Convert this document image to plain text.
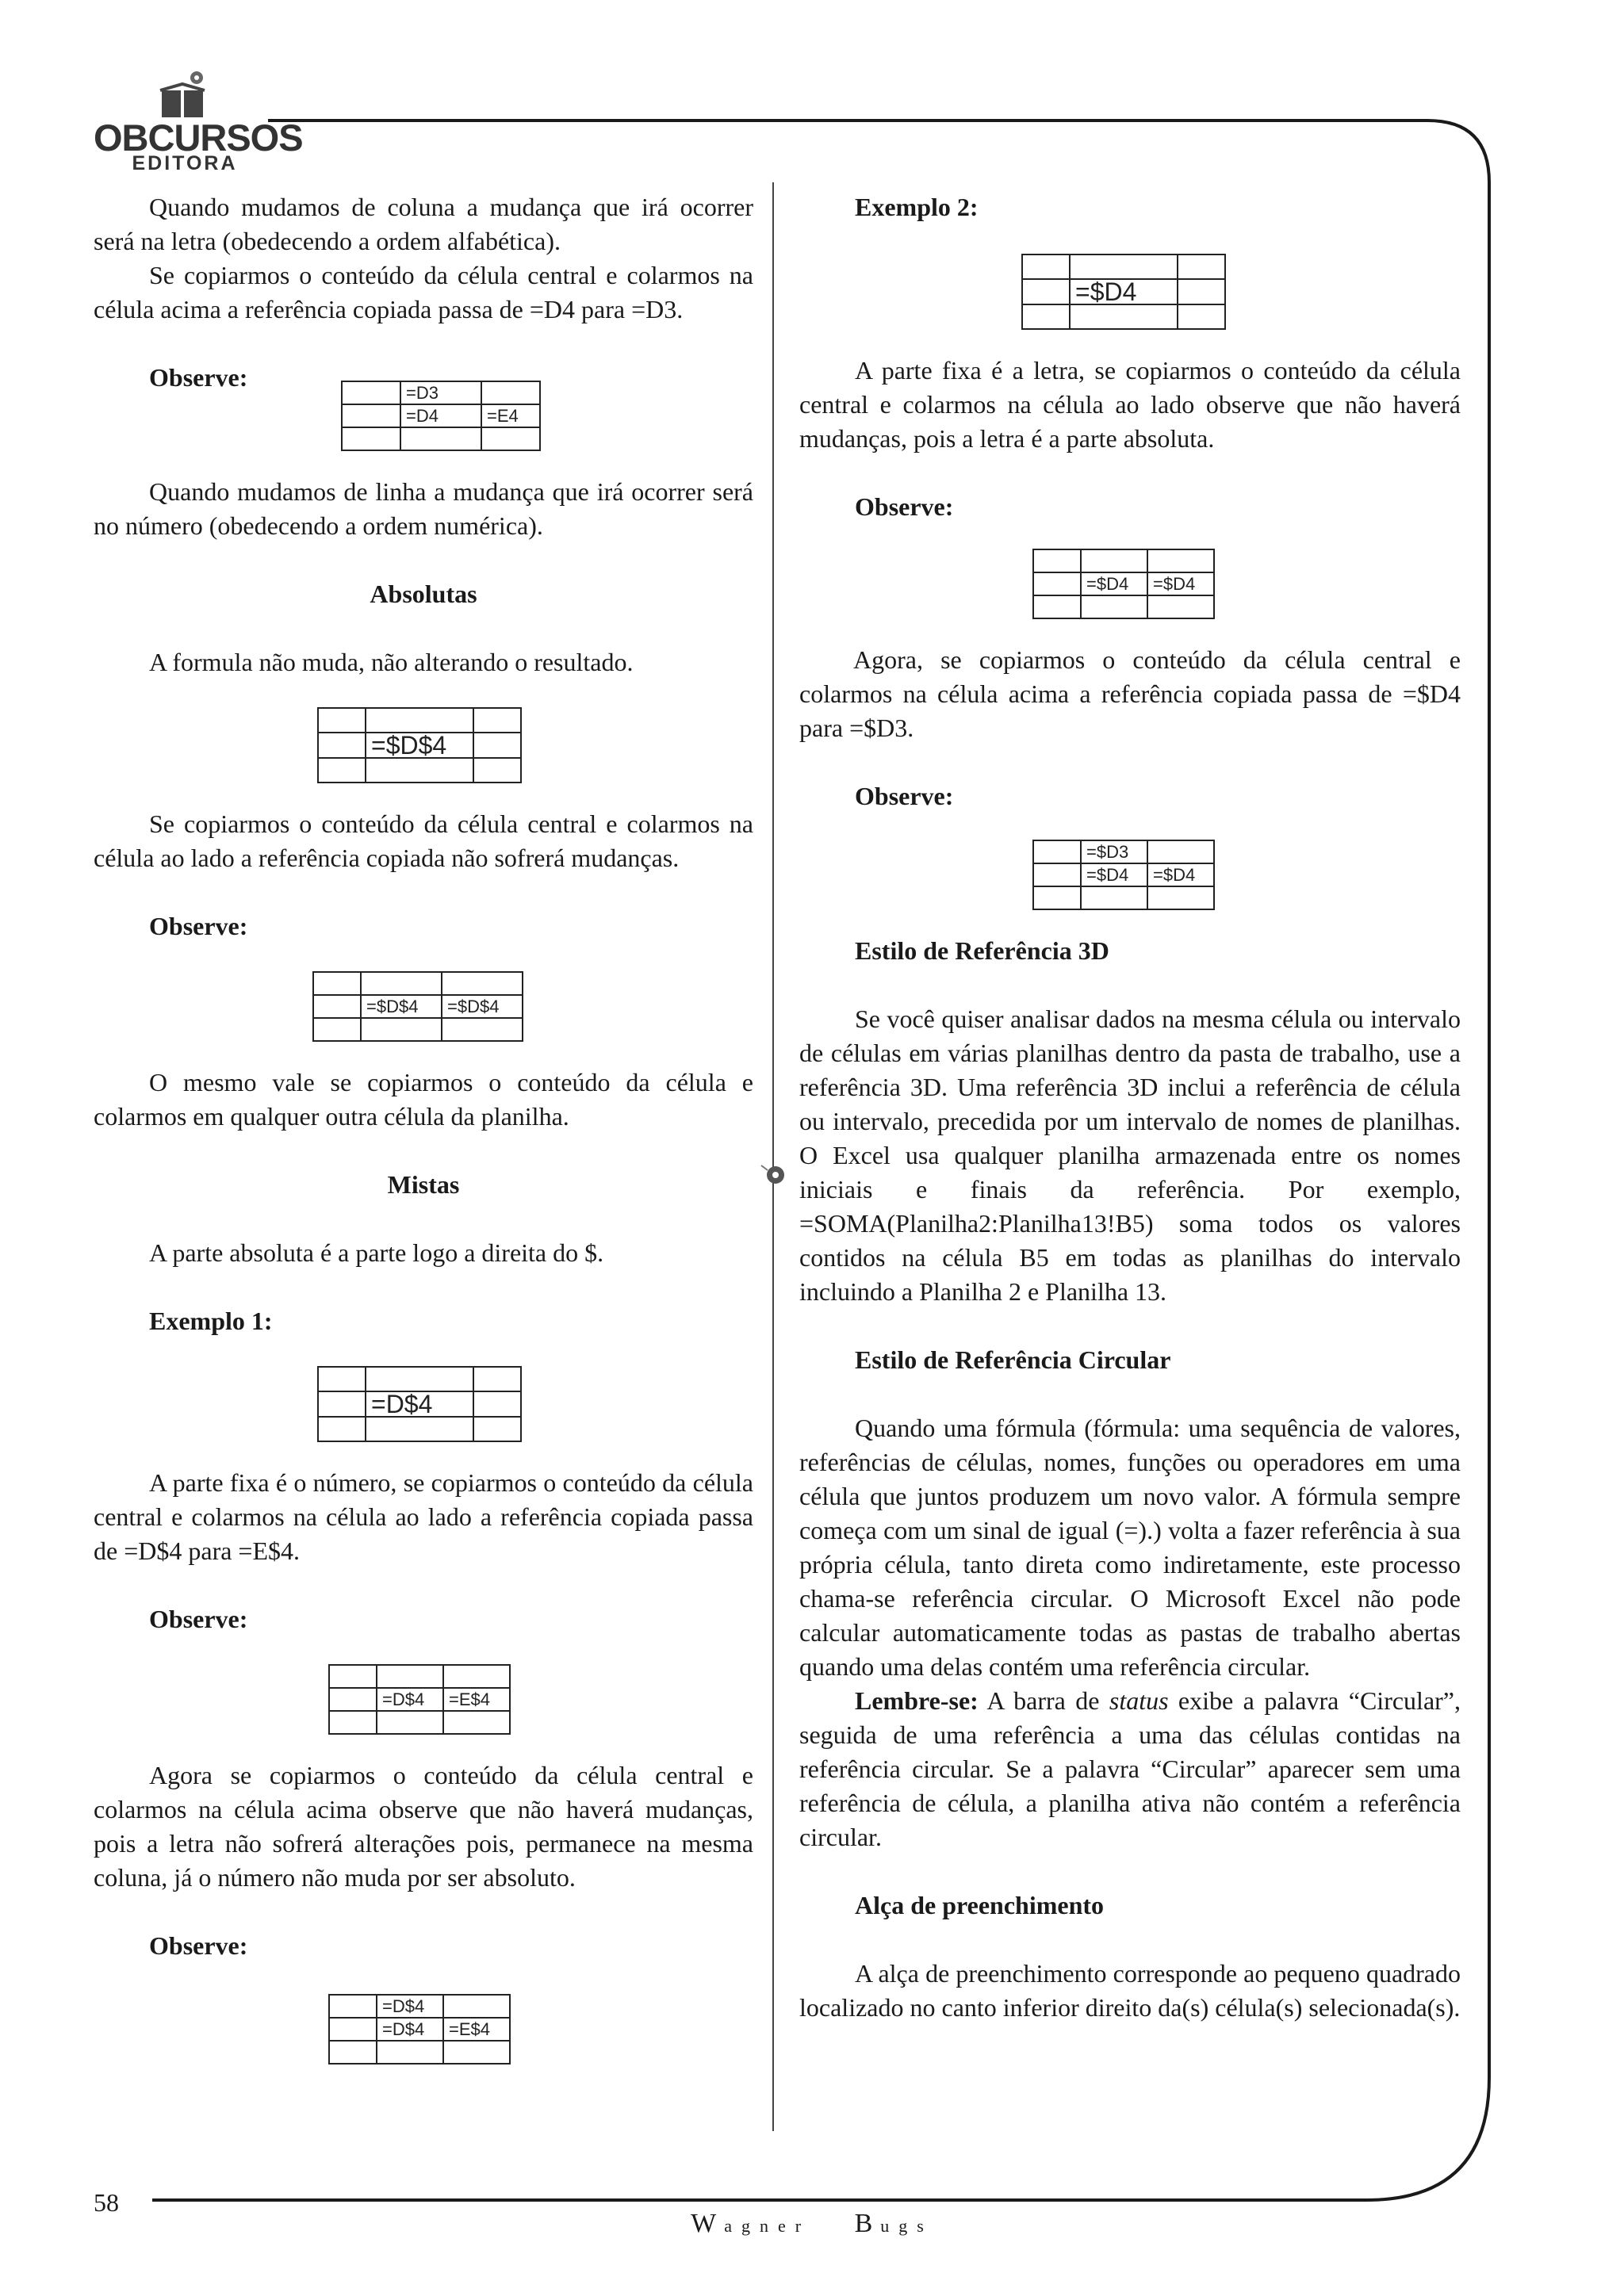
OBCURSOS
EDITORA

Quando mudamos de coluna a mudança que irá ocorrer será na letra (obedecendo a ordem alfabética).

Se copiarmos o conteúdo da célula central e colarmos na célula acima a referência copiada passa de =D4 para =D3.

Observe:

	=D3	
	=D4	=E4

Quando mudamos de linha a mudança que irá ocorrer será no número (obedecendo a ordem numérica).

Absolutas

A formula não muda, não alterando o resultado.

	=$D$4	

Se copiarmos o conteúdo da célula central e colarmos na célula ao lado a referência copiada não sofrerá mudanças.

Observe:

	=$D$4	=$D$4

O mesmo vale se copiarmos o conteúdo da célula e colarmos em qualquer outra célula da planilha.

Mistas

A parte absoluta é a parte logo a direita do $.

Exemplo 1:

	=D$4	

A parte fixa é o número, se copiarmos o conteúdo da célula central e colarmos na célula ao lado a referência copiada passa de =D$4 para =E$4.

Observe:

	=D$4	=E$4

Agora se copiarmos o conteúdo da célula central e colarmos na célula acima observe que não haverá mudanças, pois a letra não sofrerá alterações pois, permanece na mesma coluna, já o número não muda por ser absoluto.

Observe:

	=D$4	
	=D$4	=E$4

Exemplo 2:

	=$D4	

A parte fixa é a letra, se copiarmos o conteúdo da célula central e colarmos na célula ao lado observe que não haverá mudanças, pois a letra é a parte absoluta.

Observe:

	=$D4	=$D4

Agora, se copiarmos o conteúdo da célula central e colarmos na célula acima a referência copiada passa de =$D4 para =$D3.

Observe:

	=$D3	
	=$D4	=$D4

Estilo de Referência 3D

Se você quiser analisar dados na mesma célula ou intervalo de células em várias planilhas dentro da pasta de trabalho, use a referência 3D. Uma referência 3D inclui a referência de célula ou intervalo, precedida por um intervalo de nomes de planilhas. O Excel usa qualquer planilha armazenada entre os nomes iniciais e finais da referência. Por exemplo, =SOMA(Planilha2:Planilha13!B5) soma todos os valores contidos na célula B5 em todas as planilhas do intervalo incluindo a Planilha 2 e Planilha 13.

Estilo de Referência Circular

Quando uma fórmula (fórmula: uma sequência de valores, referências de células, nomes, funções ou operadores em uma célula que juntos produzem um novo valor. A fórmula sempre começa com um sinal de igual (=).) volta a fazer referência à sua própria célula, tanto direta como indiretamente, este processo chama-se referência circular. O Microsoft Excel não pode calcular automaticamente todas as pastas de trabalho abertas quando uma delas contém uma referência circular.

Lembre-se: A barra de status exibe a palavra “Circular”, seguida de uma referência a uma das células contidas na referência circular. Se a palavra “Circular” aparecer sem uma referência de célula, a planilha ativa não contém a referência circular.

Alça de preenchimento

A alça de preenchimento corresponde ao pequeno quadrado localizado no canto inferior direito da(s) célula(s) selecionada(s).

58
Wagner Bugs
